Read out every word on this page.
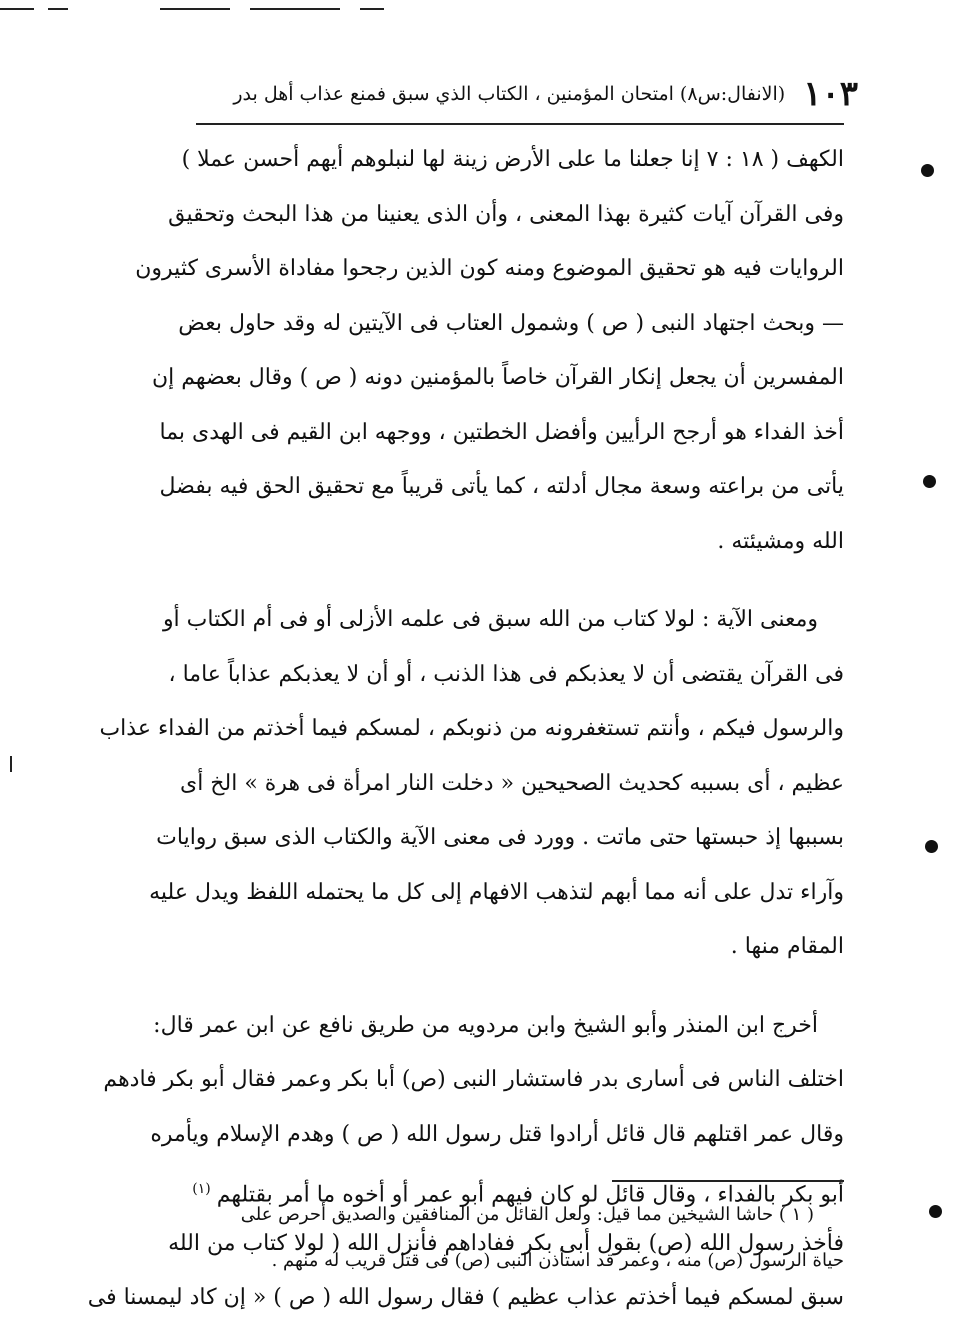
١٠٣
(الانفال:س٨) امتحان المؤمنين ، الكتاب الذي سبق فمنع عذاب أهل بدر
الكهف ( ١٨ : ٧ إنا جعلنا ما على الأرض زينة لها لنبلوهم أيهم أحسن عملا )
وفى القرآن آيات كثيرة بهذا المعنى ، وأن الذى يعنينا من هذا البحث وتحقيق
الروايات فيه هو تحقيق الموضوع ومنه كون الذين رجحوا مفاداة الأسرى كثيرون
— وبحث اجتهاد النبى ( ص ) وشمول العتاب فى الآيتين له وقد حاول بعض
المفسرين أن يجعل إنكار القرآن خاصاً بالمؤمنين دونه ( ص ) وقال بعضهم إن
أخذ الفداء هو أرجح الرأيين وأفضل الخطتين ، ووجهه ابن القيم فى الهدى بما
يأتى من براعته وسعة مجال أدلته ، كما يأتى قريباً مع تحقيق الحق فيه بفضل
الله ومشيئته .
ومعنى الآية : لولا كتاب من الله سبق فى علمه الأزلى أو فى أم الكتاب أو
فى القرآن يقتضى أن لا يعذبكم فى هذا الذنب ، أو أن لا يعذبكم عذاباً عاما ،
والرسول فيكم ، وأنتم تستغفرونه من ذنوبكم ، لمسكم فيما أخذتم من الفداء عذاب
عظيم ، أى بسببه كحديث الصحيحين « دخلت النار امرأة فى هرة » الخ أى
بسببها إذ حبستها حتى ماتت . وورد فى معنى الآية والكتاب الذى سبق روايات
وآراء تدل على أنه مما أبهم لتذهب الافهام إلى كل ما يحتمله اللفظ ويدل عليه
المقام منها .
أخرج ابن المنذر وأبو الشيخ وابن مردويه من طريق نافع عن ابن عمر قال:
اختلف الناس فى أسارى بدر فاستشار النبى (ص) أبا بكر وعمر فقال أبو بكر فادهم
وقال عمر اقتلهم قال قائل أرادوا قتل رسول الله ( ص ) وهدم الإسلام ويأمره
أبو بكر بالفداء ، وقال قائل لو كان فيهم أبو عمر أو أخوه ما أمر بقتلهم$^{(١)}$
فأخذ رسول الله (ص) بقول أبى بكر ففاداهم فأنزل الله ( لولا كتاب من الله
سبق لمسكم فيما أخذتم عذاب عظيم ) فقال رسول الله ( ص ) « إن كاد ليمسنا فى
( ١ ) حاشا الشيخين مما قيل: ولعل القائل من المنافقين والصديق أحرص على
حياة الرسول (ص) منه ، وعمر قد استأذن النبى (ص) فى قتل قريب له منهم .
